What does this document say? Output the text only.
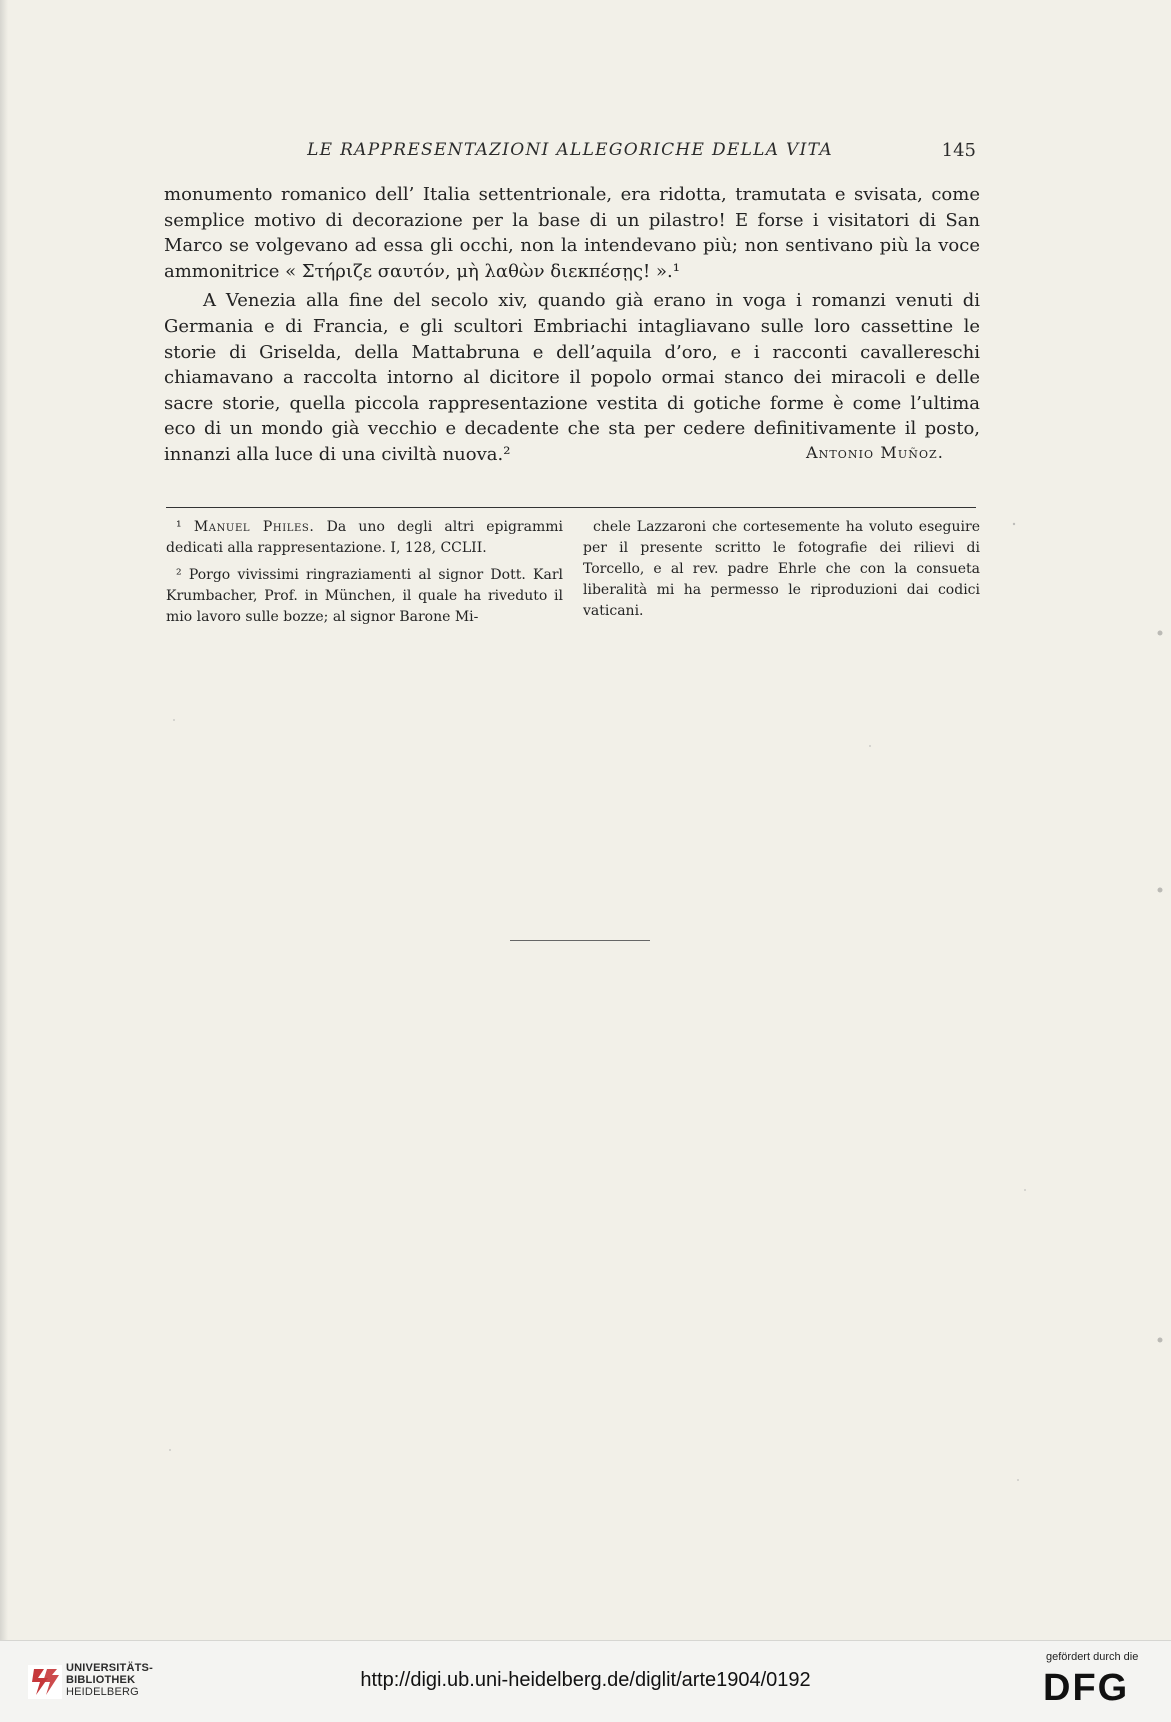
LE RAPPRESENTAZIONI ALLEGORICHE DELLA VITA	145

monumento romanico dell’ Italia settentrionale, era ridotta, tramutata e svisata, come semplice motivo di decorazione per la base di un pilastro! E forse i visitatori di San Marco se volgevano ad essa gli occhi, non la intendevano più; non sentivano più la voce ammonitrice « Στήριζε σαυτόν, μὴ λαθὼν διεκπέσῃς! ».¹

A Venezia alla fine del secolo xiv, quando già erano in voga i romanzi venuti di Germania e di Francia, e gli scultori Embriachi intagliavano sulle loro cassettine le storie di Griselda, della Mattabruna e dell’aquila d’oro, e i racconti cavallereschi chiamavano a raccolta intorno al dicitore il popolo ormai stanco dei miracoli e delle sacre storie, quella piccola rappresentazione vestita di gotiche forme è come l’ultima eco di un mondo già vecchio e decadente che sta per cedere definitivamente il posto, innanzi alla luce di una civiltà nuova.²	Antonio Muñoz.

¹ Manuel Philes. Da uno degli altri epigrammi dedicati alla rappresentazione. I, 128, CCLII.

² Porgo vivissimi ringraziamenti al signor Dott. Karl Krumbacher, Prof. in München, il quale ha riveduto il mio lavoro sulle bozze; al signor Barone Mi-

chele Lazzaroni che cortesemente ha voluto eseguire per il presente scritto le fotografie dei rilievi di Torcello, e al rev. padre Ehrle che con la consueta liberalità mi ha permesso le riproduzioni dai codici vaticani.

UNIVERSITÄTS-
BIBLIOTHEK
HEIDELBERG
http://digi.ub.uni-heidelberg.de/diglit/arte1904/0192
gefördert durch die
DFG
